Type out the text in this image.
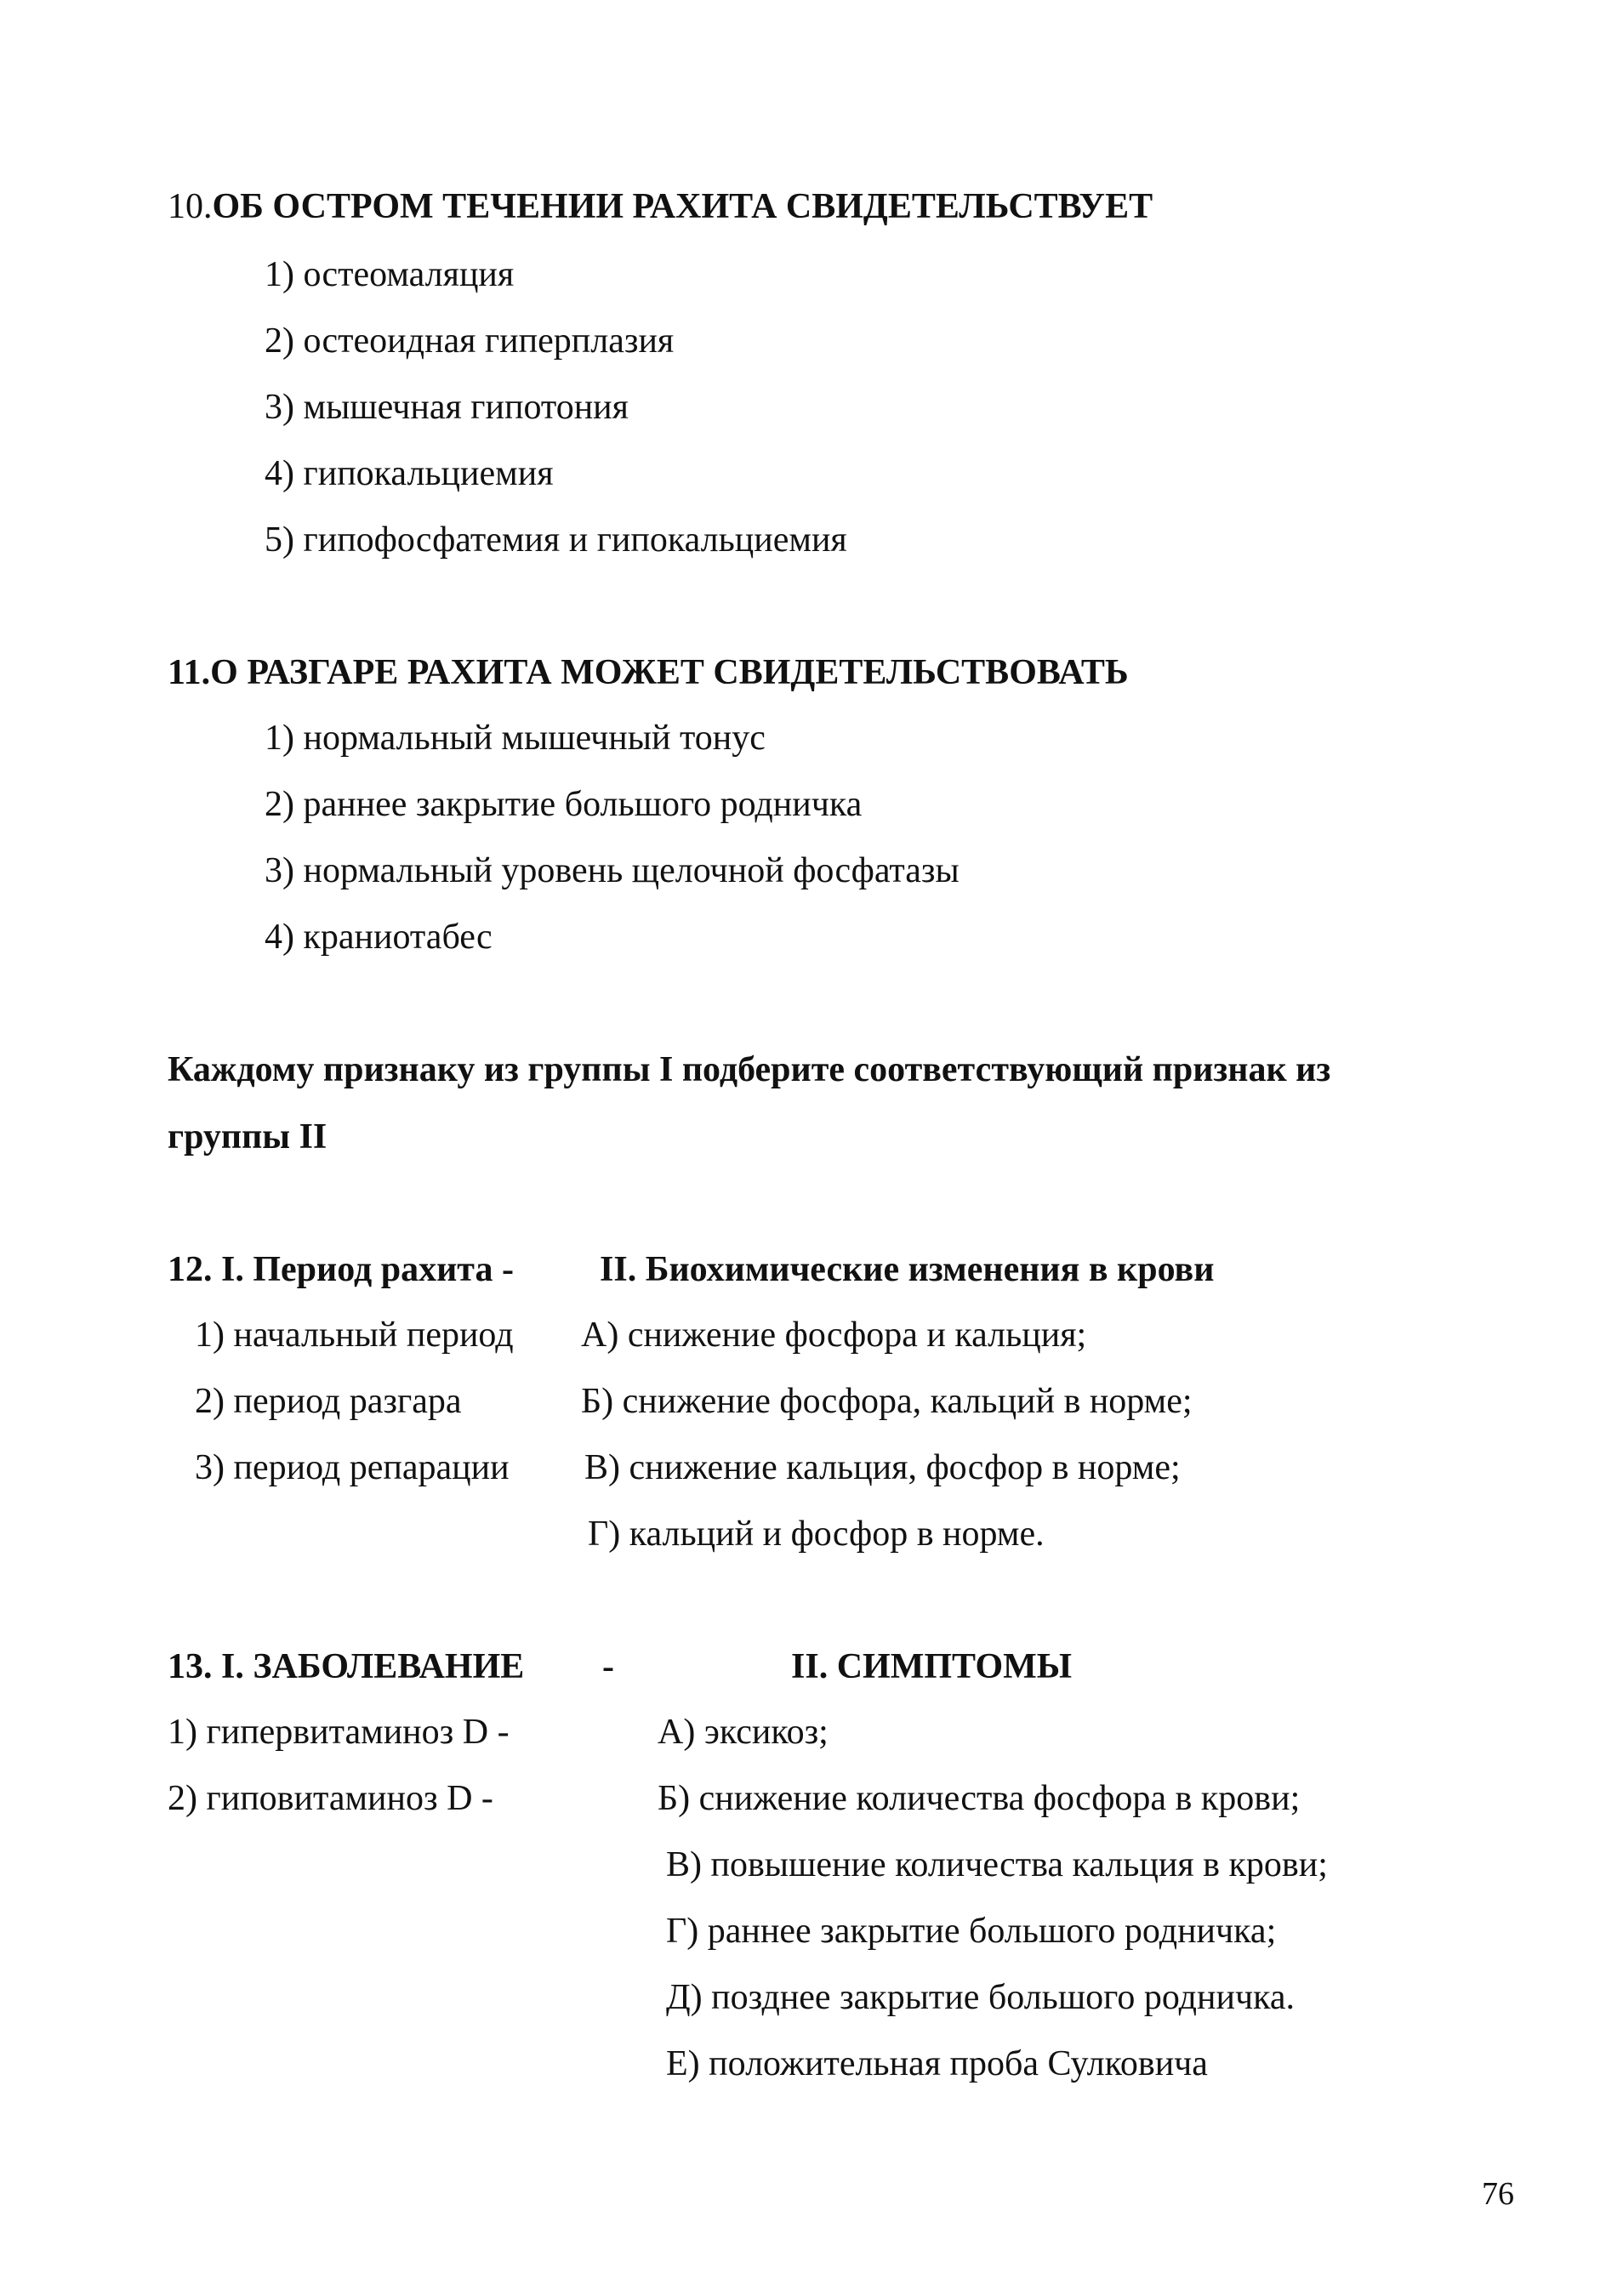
10.ОБ ОСТРОМ ТЕЧЕНИИ РАХИТА СВИДЕТЕЛЬСТВУЕТ
1) остеомаляция
2) остеоидная гиперплазия
3) мышечная гипотония
4) гипокальциемия
5) гипофосфатемия и гипокальциемия
11.О РАЗГАРЕ РАХИТА МОЖЕТ СВИДЕТЕЛЬСТВОВАТЬ
1) нормальный мышечный тонус
2) раннее закрытие большого родничка
3) нормальный уровень щелочной фосфатазы
4) краниотабес
Каждому признаку из группы I подберите соответствующий признак из
группы II
12. I. Период рахита - II. Биохимические изменения в крови
1) начальный период
2) период разгара
3) период репарации
А) снижение фосфора и кальция;
Б) снижение фосфора, кальций в норме;
В) снижение кальция, фосфор в норме;
Г) кальций и фосфор в норме.
13. I. ЗАБОЛЕВАНИЕ -	II. СИМПТОМЫ
1) гипервитаминоз D -
2) гиповитаминоз D -
А) эксикоз;
Б) снижение количества фосфора в крови;
В) повышение количества кальция в крови;
Г) раннее закрытие большого родничка;
Д) позднее закрытие большого родничка.
Е) положительная проба Сулковича
76
